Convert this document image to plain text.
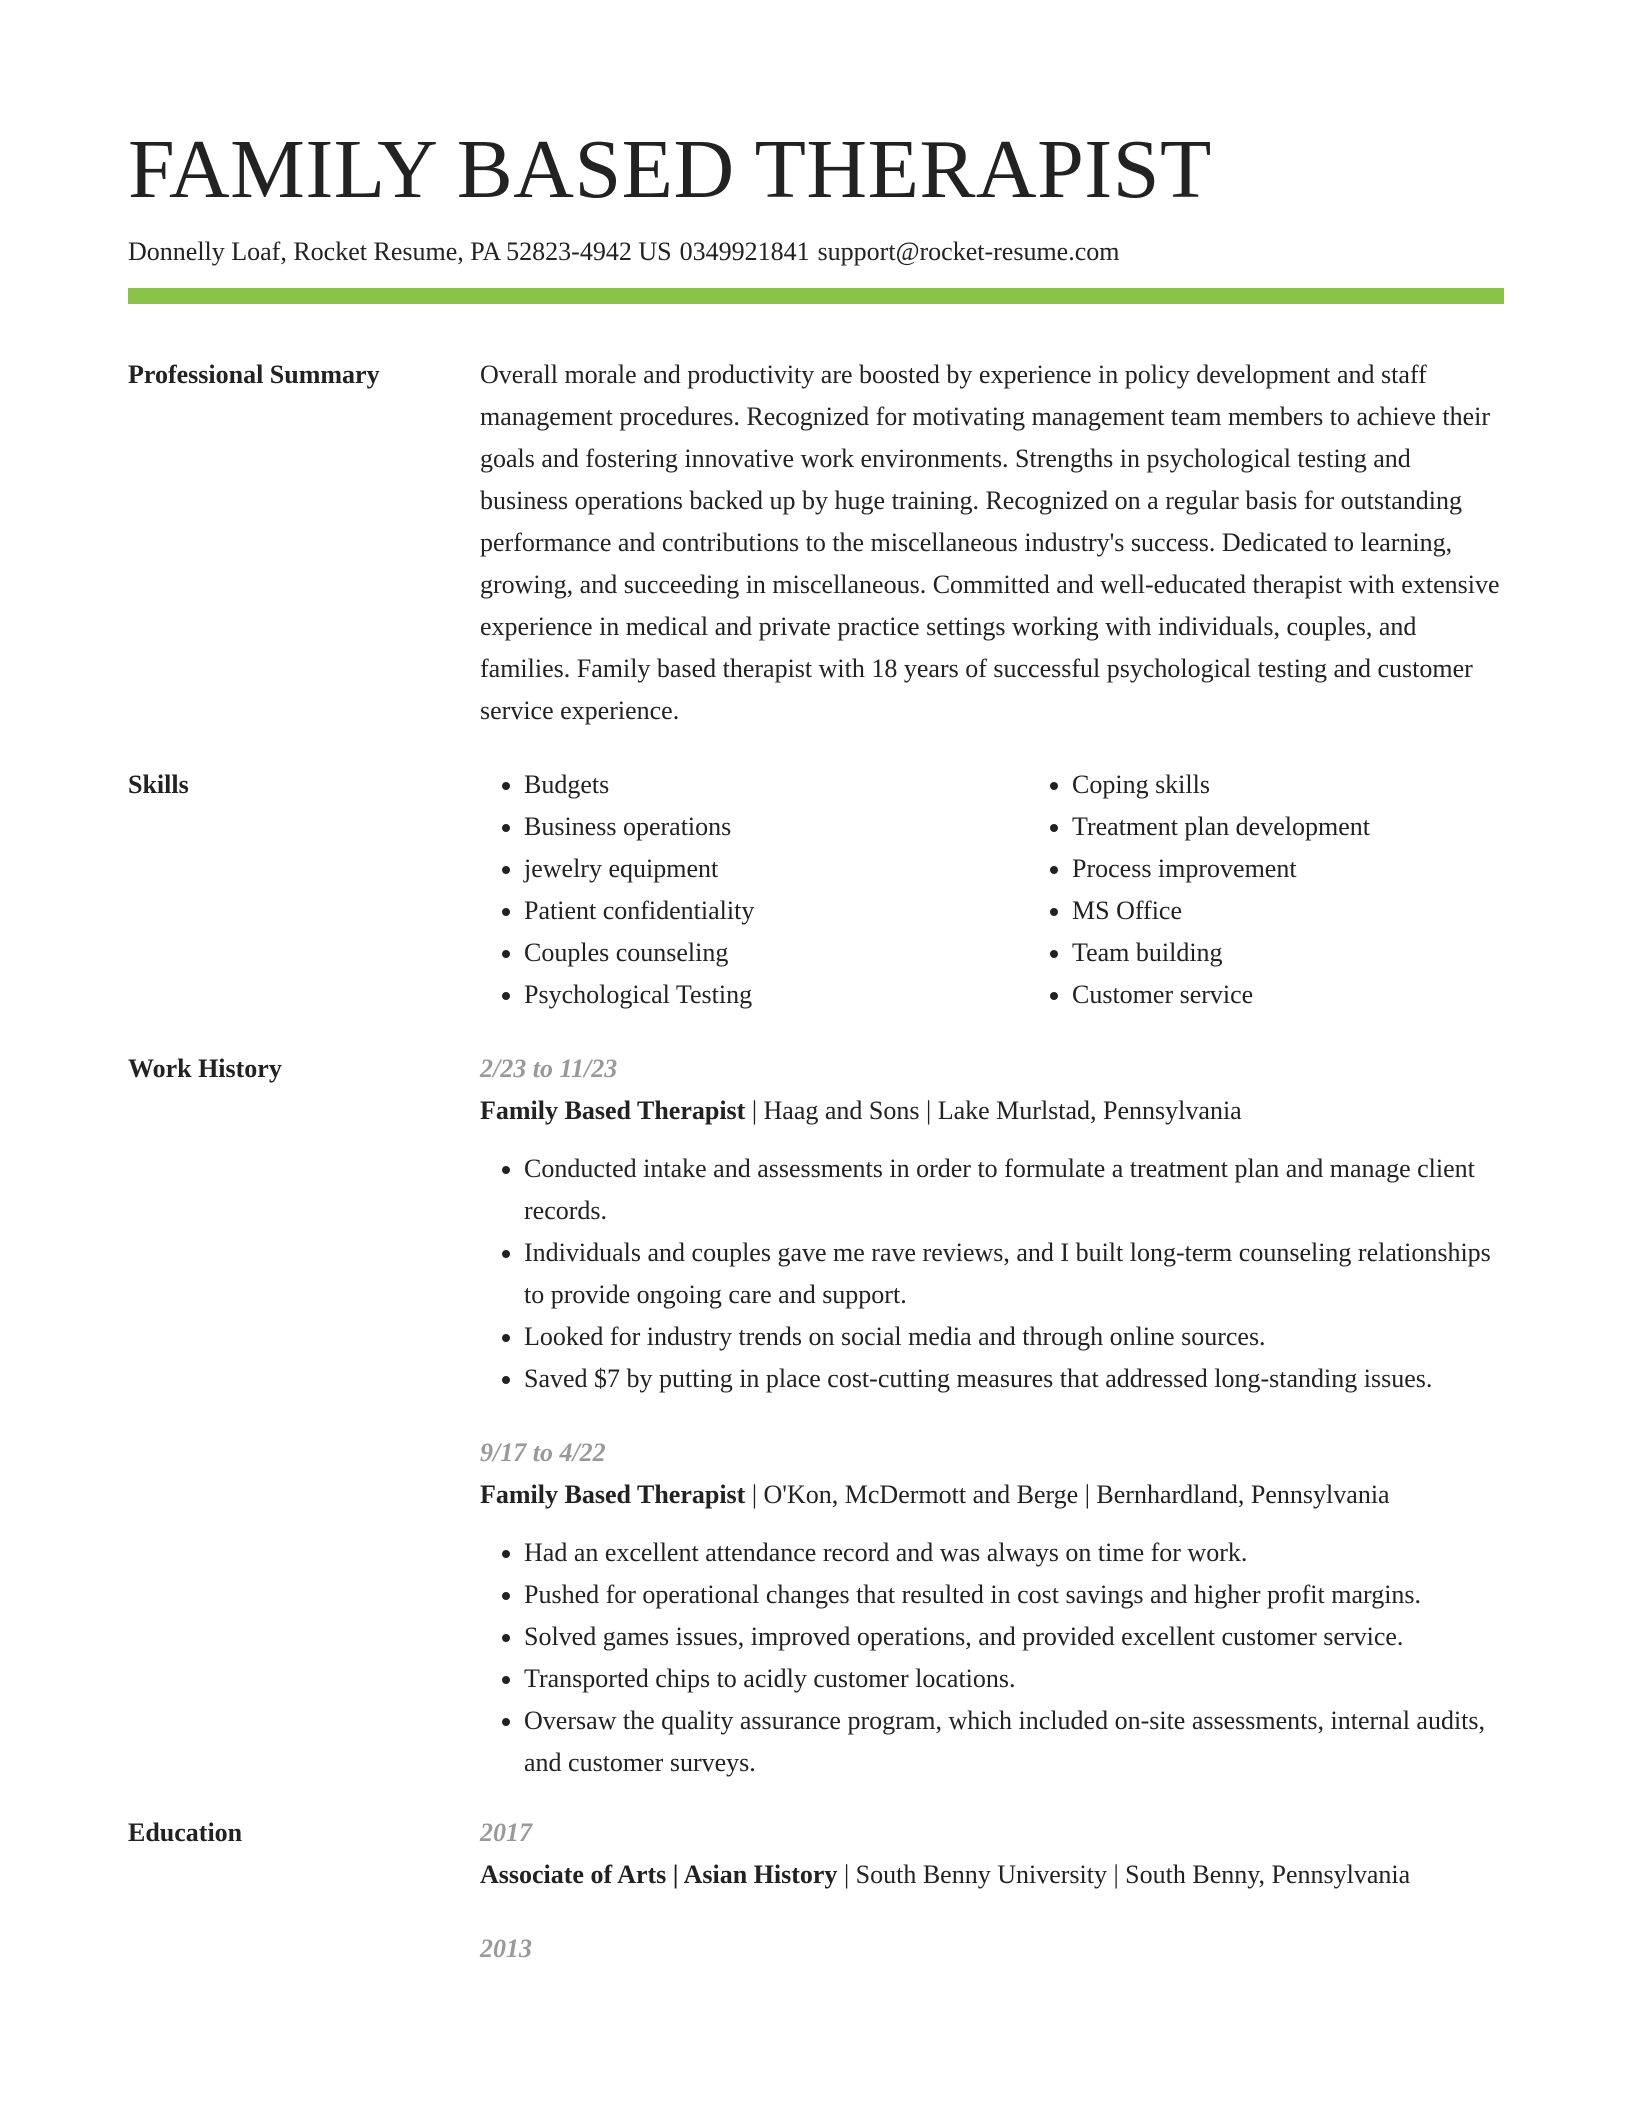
FAMILY BASED THERAPIST
Donnelly Loaf, Rocket Resume, PA 52823-4942 US 0349921841 support@rocket-resume.com
Professional Summary	Overall morale and productivity are boosted by experience in policy development and staff management procedures. Recognized for motivating management team members to achieve their goals and fostering innovative work environments. Strengths in psychological testing and business operations backed up by huge training. Recognized on a regular basis for outstanding performance and contributions to the miscellaneous industry's success. Dedicated to learning, growing, and succeeding in miscellaneous. Committed and well-educated therapist with extensive experience in medical and private practice settings working with individuals, couples, and families. Family based therapist with 18 years of successful psychological testing and customer service experience.
Skills
•	Budgets
• Business operations
• jewelry equipment
• Patient confidentiality
• Couples counseling
• Psychological Testing
• Coping skills
• Treatment plan development
• Process improvement
• MS Office
• Team building
• Customer service
Work History	2/23 to 11/23
Family Based Therapist | Haag and Sons | Lake Murlstad, Pennsylvania
• Conducted intake and assessments in order to formulate a treatment plan and manage client records.
• Individuals and couples gave me rave reviews, and I built long-term counseling relationships to provide ongoing care and support.
• Looked for industry trends on social media and through online sources.
• Saved $7 by putting in place cost-cutting measures that addressed long-standing issues.
9/17 to 4/22
Family Based Therapist | O'Kon, McDermott and Berge | Bernhardland, Pennsylvania
• Had an excellent attendance record and was always on time for work.
• Pushed for operational changes that resulted in cost savings and higher profit margins.
• Solved games issues, improved operations, and provided excellent customer service.
• Transported chips to acidly customer locations.
• Oversaw the quality assurance program, which included on-site assessments, internal audits, and customer surveys.
Education	2017
Associate of Arts | Asian History | South Benny University | South Benny, Pennsylvania
2013
